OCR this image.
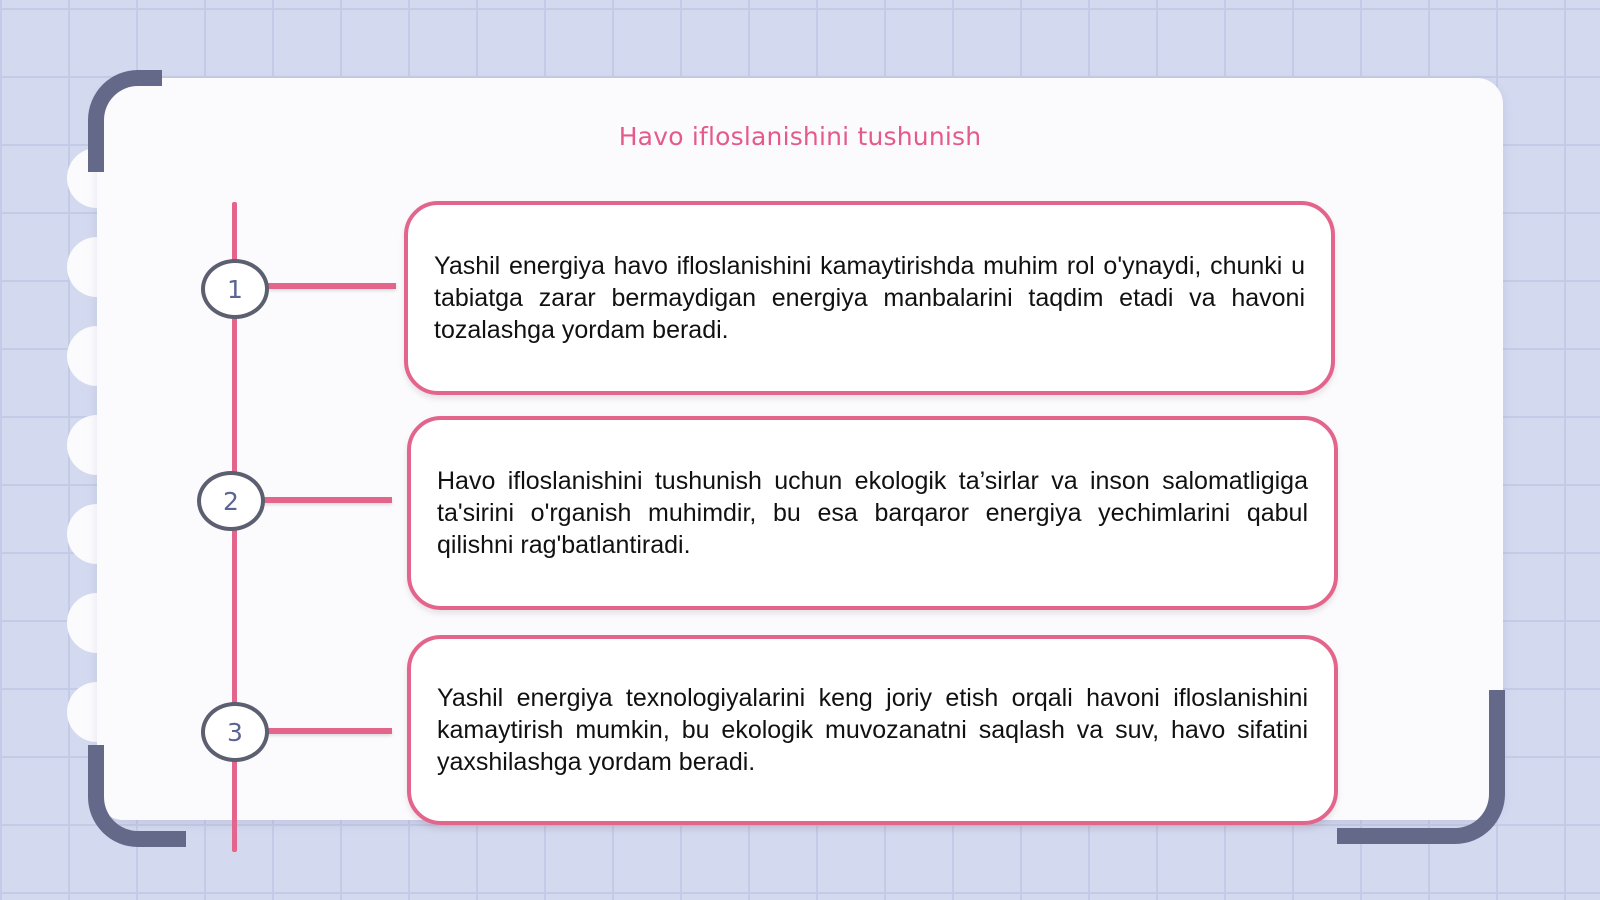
Havo ifloslanishini tushunish
1
2
3

Yashil energiya havo ifloslanishini kamaytirishda muhim rol o'ynaydi, chunki u tabiatga zarar bermaydigan energiya manbalarini taqdim etadi va havoni tozalashga yordam beradi.

Havo ifloslanishini tushunish uchun ekologik ta’sirlar va inson salomatligiga ta'sirini o'rganish muhimdir, bu esa barqaror energiya yechimlarini qabul qilishni rag'batlantiradi.

Yashil energiya texnologiyalarini keng joriy etish orqali havoni ifloslanishini kamaytirish mumkin, bu ekologik muvozanatni saqlash va suv, havo sifatini yaxshilashga yordam beradi.
